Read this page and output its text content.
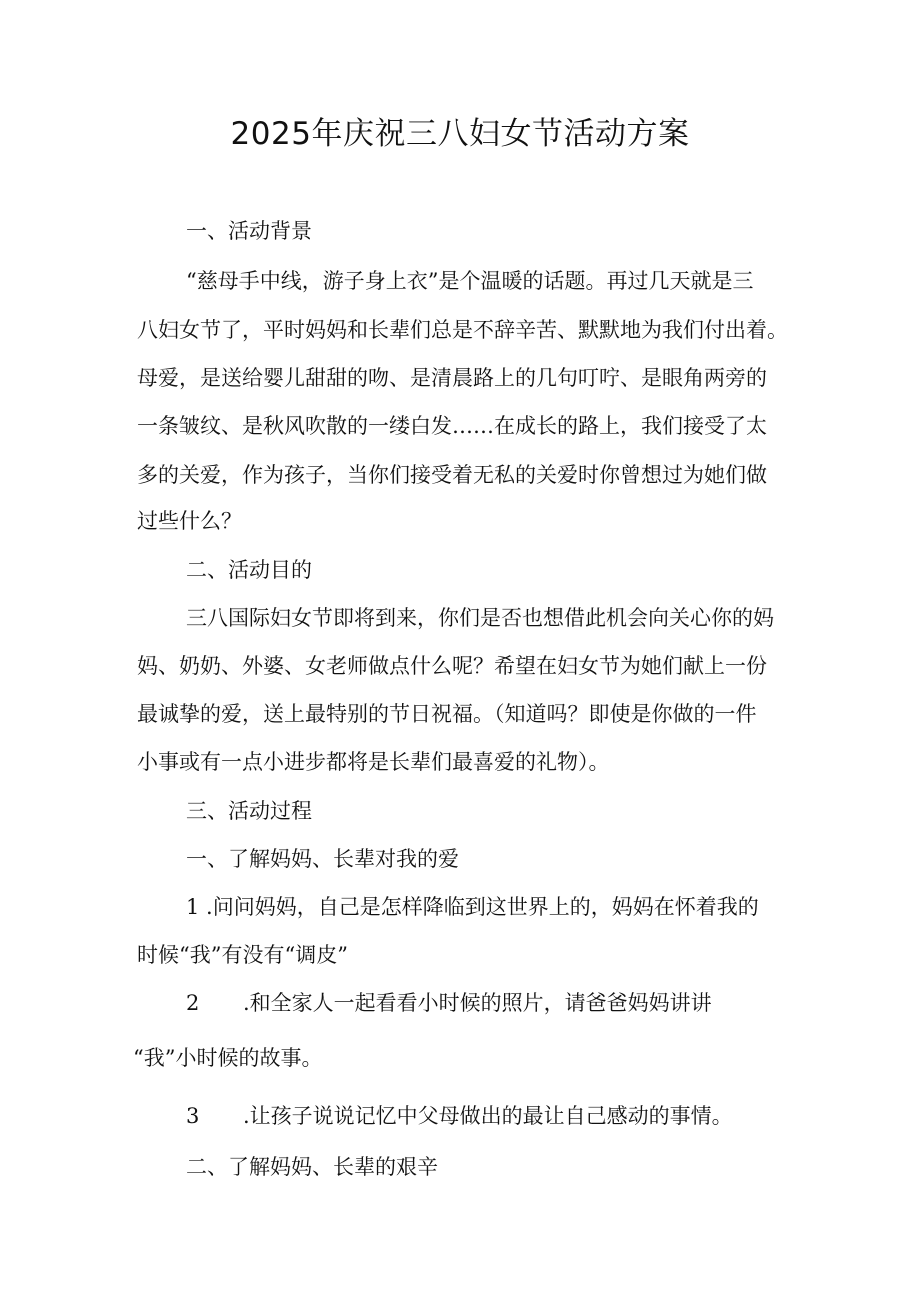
2025年庆祝三八妇女节活动方案

一、活动背景

“慈母手中线，游子身上衣”是个温暖的话题。再过几天就是三

八妇女节了，平时妈妈和长辈们总是不辞辛苦、默默地为我们付出着。

母爱，是送给婴儿甜甜的吻、是清晨路上的几句叮咛、是眼角两旁的

一条皱纹、是秋风吹散的一缕白发……在成长的路上，我们接受了太

多的关爱，作为孩子，当你们接受着无私的关爱时你曾想过为她们做

过些什么？

二、活动目的

三八国际妇女节即将到来，你们是否也想借此机会向关心你的妈

妈、奶奶、外婆、女老师做点什么呢？希望在妇女节为她们献上一份

最诚挚的爱，送上最特别的节日祝福。（知道吗？即使是你做的一件

小事或有一点小进步都将是长辈们最喜爱的礼物）。

三、活动过程

一、了解妈妈、长辈对我的爱

1 .问问妈妈，自己是怎样降临到这世界上的，妈妈在怀着我的

时候“我”有没有“调皮”

2 .和全家人一起看看小时候的照片，请爸爸妈妈讲讲

“我”小时候的故事。

3 .让孩子说说记忆中父母做出的最让自己感动的事情。

二、了解妈妈、长辈的艰辛
